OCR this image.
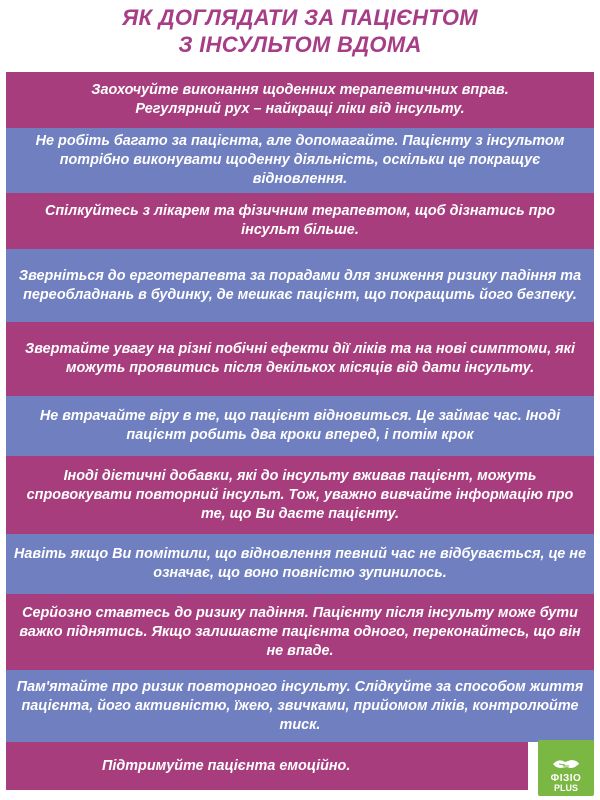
ЯК ДОГЛЯДАТИ ЗА ПАЦІЄНТОМ
З ІНСУЛЬТОМ ВДОМА
Заохочуйте виконання щоденних терапевтичних вправ. Регулярний рух – найкращі ліки від інсульту.
Не робіть багато за пацієнта, але допомагайте. Пацієнту з інсультом потрібно виконувати щоденну діяльність, оскільки це покращує відновлення.
Спілкуйтесь з лікарем та фізичним терапевтом, щоб дізнатись про інсульт більше.
Зверніться до ерготерапевта за порадами для зниження ризику падіння та переобладнань в будинку, де мешкає пацієнт, що покращить його безпеку.
Звертайте увагу на різні побічні ефекти дії ліків та на нові симптоми, які можуть проявитись після декількох місяців від дати інсульту.
Не втрачайте віру в те, що пацієнт відновиться. Це займає час. Іноді пацієнт робить два кроки вперед, і потім крок
Іноді дієтичні добавки, які до інсульту вживав пацієнт, можуть спровокувати повторний інсульт. Тож, уважно вивчайте інформацію про те, що Ви даєте пацієнту.
Навіть якщо Ви помітили, що відновлення певний час не відбувається, це не означає, що воно повністю зупинилось.
Серйозно ставтесь до ризику падіння. Пацієнту після інсульту може бути важко піднятись. Якщо залишаєте пацієнта одного, переконайтесь, що він не впаде.
Пам'ятайте про ризик повторного інсульту. Слідкуйте за способом життя пацієнта, його активністю, їжею, звичками, прийомом ліків, контролюйте тиск.
Підтримуйте пацієнта емоційно.
ФІЗІО
PLUS
